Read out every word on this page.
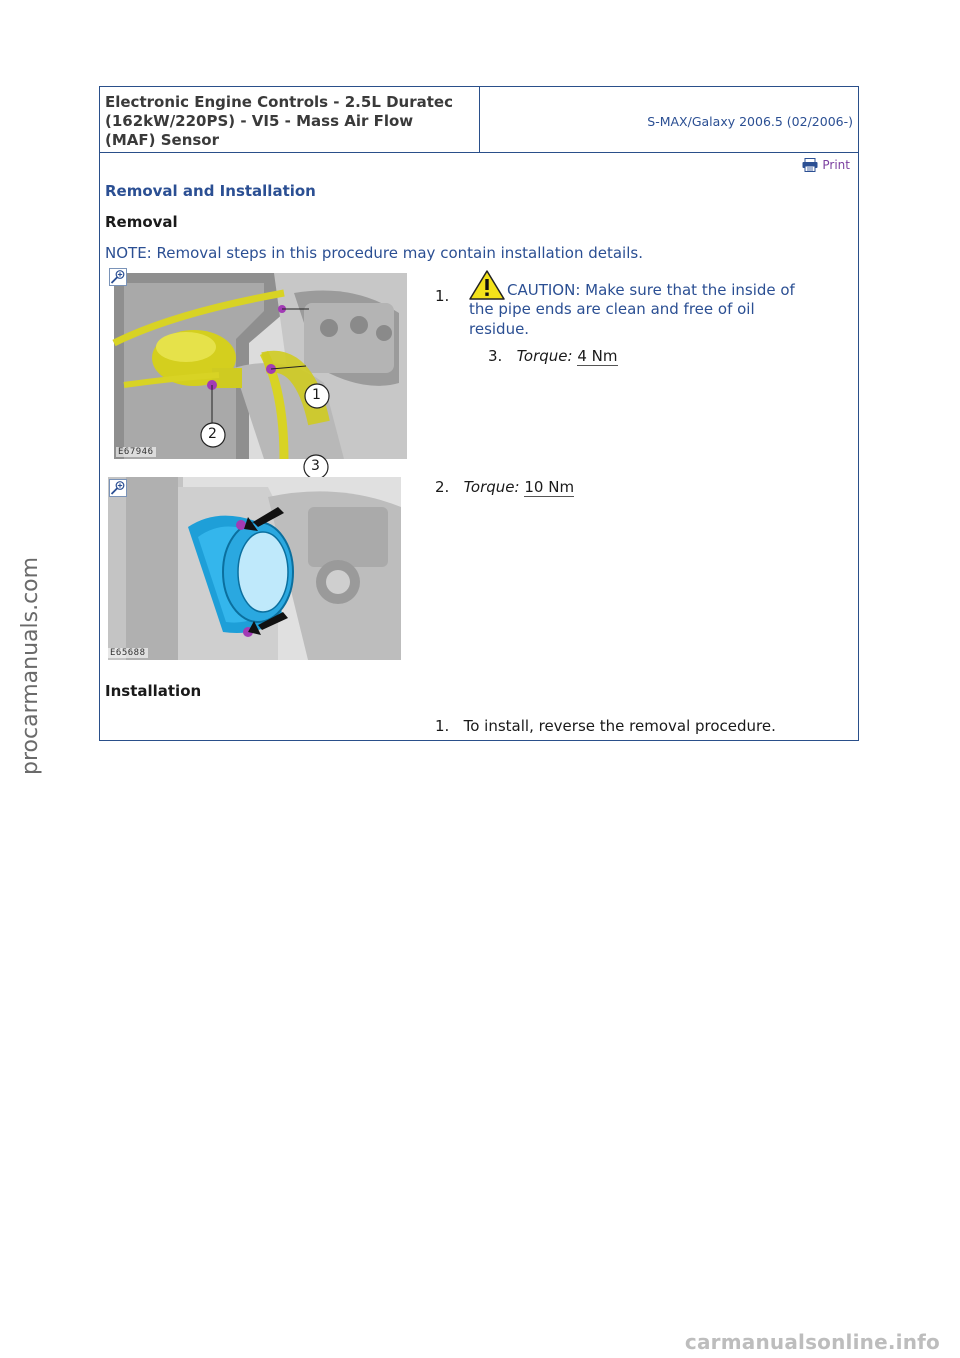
Electronic Engine Controls - 2.5L Duratec
(162kW/220PS) - VI5 - Mass Air Flow
(MAF) Sensor
S-MAX/Galaxy 2006.5 (02/2006-)
Print
Removal and Installation
Removal
NOTE: Removal steps in this procedure may contain installation details.
1
3
2
E67946
1.	CAUTION: Make sure that the inside of
the pipe ends are clean and free of oil
residue.
3. Torque: 4 Nm
E65688
2. Torque: 10 Nm
Installation
1. To install, reverse the removal procedure.
procarmanuals.com
carmanualsonline.info
